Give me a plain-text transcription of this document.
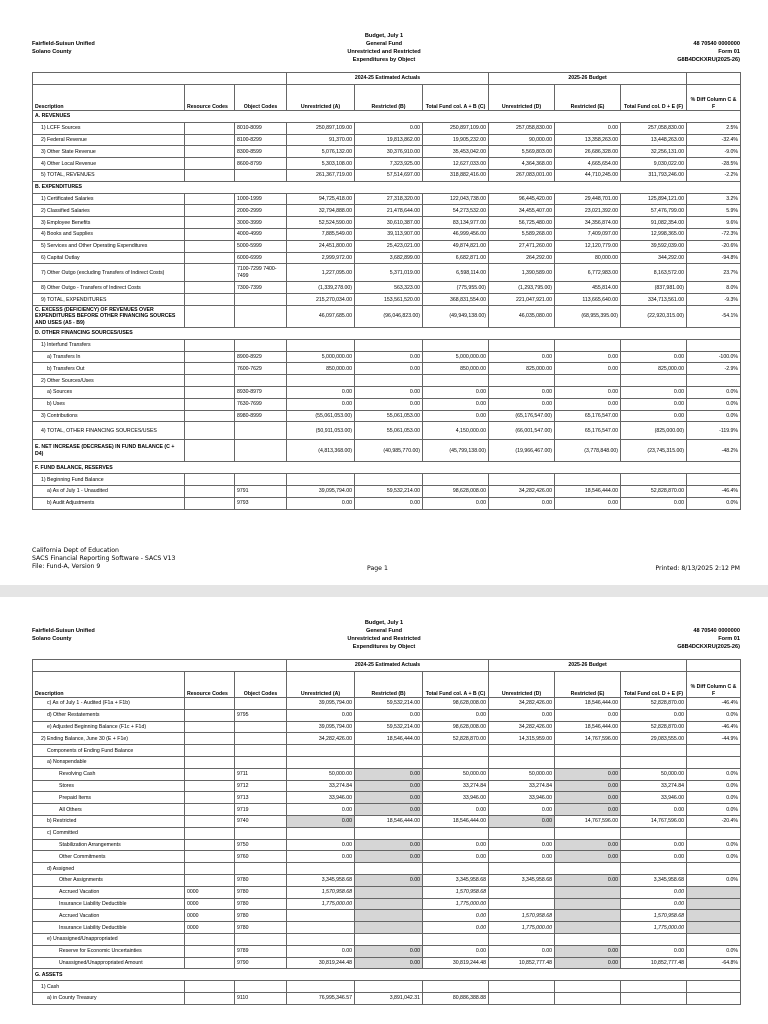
Fairfield-Suisun Unified
Solano County
Budget, July 1
General Fund
Unrestricted and Restricted
Expenditures by Object
48 70540 0000000
Form 01
G8B4DCKXRU(2025-26)
			2024-25 Estimated Actuals			2025-26 Budget			
Description	Resource Codes	Object Codes	Unrestricted (A)	Restricted (B)	Total Fund col. A + B (C)	Unrestricted (D)	Restricted (E)	Total Fund col. D + E (F)	% Diff Column C & F
A. REVENUES									
1) LCFF Sources		8010-8099	250,897,109.00	0.00	250,897,109.00	257,058,830.00	0.00	257,058,830.00	2.5%
2) Federal Revenue		8100-8299	91,370.00	19,813,862.00	19,905,232.00	90,000.00	13,358,263.00	13,448,263.00	-32.4%
3) Other State Revenue		8300-8599	5,076,132.00	30,376,910.00	35,453,042.00	5,569,803.00	26,686,328.00	32,256,131.00	-9.0%
4) Other Local Revenue		8600-8799	5,303,108.00	7,323,925.00	12,627,033.00	4,364,368.00	4,665,654.00	9,030,022.00	-28.5%
5) TOTAL, REVENUES			261,367,719.00	57,514,697.00	318,882,416.00	267,083,001.00	44,710,245.00	311,793,246.00	-2.2%
B. EXPENDITURES									
1) Certificated Salaries		1000-1999	94,725,418.00	27,318,320.00	122,043,738.00	96,445,420.00	29,448,701.00	125,894,121.00	3.2%
2) Classified Salaries		2000-2999	32,794,888.00	21,478,644.00	54,273,532.00	34,455,407.00	23,021,392.00	57,476,799.00	5.9%
3) Employee Benefits		3000-3999	52,524,590.00	30,610,387.00	83,134,977.00	56,725,480.00	34,356,874.00	91,082,354.00	9.6%
4) Books and Supplies		4000-4999	7,885,549.00	39,113,907.00	46,999,456.00	5,589,268.00	7,409,097.00	12,998,365.00	-72.3%
5) Services and Other Operating Expenditures		5000-5999	24,451,800.00	25,423,021.00	49,874,821.00	27,471,260.00	12,120,779.00	39,592,039.00	-20.6%
6) Capital Outlay		6000-6999	2,999,972.00	3,682,899.00	6,682,871.00	264,292.00	80,000.00	344,292.00	-94.8%
7) Other Outgo (excluding Transfers of Indirect Costs)		7100-7299 7400-7499	1,227,095.00	5,371,019.00	6,598,114.00	1,390,589.00	6,772,983.00	8,163,572.00	23.7%
8) Other Outgo - Transfers of Indirect Costs		7300-7399	(1,339,278.00)	563,323.00	(775,955.00)	(1,293,795.00)	455,814.00	(837,981.00)	8.0%
9) TOTAL, EXPENDITURES			215,270,034.00	153,561,520.00	368,831,554.00	221,047,921.00	113,665,640.00	334,713,561.00	-9.3%
C. EXCESS (DEFICIENCY) OF REVENUES OVER EXPENDITURES BEFORE OTHER FINANCING SOURCES AND USES (A5 - B9)			46,097,685.00	(96,046,823.00)	(49,949,138.00)	46,035,080.00	(68,955,395.00)	(22,920,315.00)	-54.1%
D. OTHER FINANCING SOURCES/USES									
1) Interfund Transfers									
a) Transfers In		8900-8929	5,000,000.00	0.00	5,000,000.00	0.00	0.00	0.00	-100.0%
b) Transfers Out		7600-7629	850,000.00	0.00	850,000.00	825,000.00	0.00	825,000.00	-2.9%
2) Other Sources/Uses									
a) Sources		8930-8979	0.00	0.00	0.00	0.00	0.00	0.00	0.0%
b) Uses		7630-7699	0.00	0.00	0.00	0.00	0.00	0.00	0.0%
3) Contributions		8980-8999	(55,061,053.00)	55,061,053.00	0.00	(65,176,547.00)	65,176,547.00	0.00	0.0%
4) TOTAL, OTHER FINANCING SOURCES/USES			(50,911,053.00)	55,061,053.00	4,150,000.00	(66,001,547.00)	65,176,547.00	(825,000.00)	-119.9%
E. NET INCREASE (DECREASE) IN FUND BALANCE (C + D4)			(4,813,368.00)	(40,985,770.00)	(45,799,138.00)	(19,966,467.00)	(3,778,848.00)	(23,745,315.00)	-48.2%
F. FUND BALANCE, RESERVES									
1) Beginning Fund Balance									
a) As of July 1 - Unaudited		9791	39,095,794.00	59,532,214.00	98,628,008.00	34,282,426.00	18,546,444.00	52,828,870.00	-46.4%
b) Audit Adjustments		9793	0.00	0.00	0.00	0.00	0.00	0.00	0.0%
California Dept of Education
SACS Financial Reporting Software - SACS V13
File: Fund-A, Version 9	Page 1	Printed: 8/13/2025 2:12 PM
Fairfield-Suisun Unified
Solano County
Budget, July 1
General Fund
Unrestricted and Restricted
Expenditures by Object
48 70540 0000000
Form 01
G8B4DCKXRU(2025-26)
			2024-25 Estimated Actuals			2025-26 Budget			
Description	Resource Codes	Object Codes	Unrestricted (A)	Restricted (B)	Total Fund col. A + B (C)	Unrestricted (D)	Restricted (E)	Total Fund col. D + E (F)	% Diff Column C & F
c) As of July 1 - Audited (F1a + F1b)			39,095,794.00	59,532,214.00	98,628,008.00	34,282,426.00	18,546,444.00	52,828,870.00	-46.4%
d) Other Restatements		9795	0.00	0.00	0.00	0.00	0.00	0.00	0.0%
e) Adjusted Beginning Balance (F1c + F1d)			39,095,794.00	59,532,214.00	98,628,008.00	34,282,426.00	18,546,444.00	52,828,870.00	-46.4%
2) Ending Balance, June 30 (E + F1e)			34,282,426.00	18,546,444.00	52,828,870.00	14,315,959.00	14,767,596.00	29,083,555.00	-44.9%
Components of Ending Fund Balance									
a) Nonspendable									
Revolving Cash		9711	50,000.00	0.00	50,000.00	50,000.00	0.00	50,000.00	0.0%
Stores		9712	33,274.84	0.00	33,274.84	33,274.84	0.00	33,274.84	0.0%
Prepaid Items		9713	33,946.00	0.00	33,946.00	33,946.00	0.00	33,946.00	0.0%
All Others		9719	0.00	0.00	0.00	0.00	0.00	0.00	0.0%
b) Restricted		9740	0.00	18,546,444.00	18,546,444.00	0.00	14,767,596.00	14,767,596.00	-20.4%
c) Committed									
Stabilization Arrangements		9750	0.00	0.00	0.00	0.00	0.00	0.00	0.0%
Other Commitments		9760	0.00	0.00	0.00	0.00	0.00	0.00	0.0%
d) Assigned									
Other Assignments		9780	3,345,958.68	0.00	3,345,958.68	3,345,958.68	0.00	3,345,958.68	0.0%
Accrued Vacation	0000	9780	1,570,958.68		1,570,958.68			0.00	
Insurance Liability Deductible	0000	9780	1,775,000.00		1,775,000.00			0.00	
Accrued Vacation	0000	9780			0.00	1,570,958.68		1,570,958.68	
Insurance Liability Deductible	0000	9780			0.00	1,775,000.00		1,775,000.00	
e) Unassigned/Unappropriated									
Reserve for Economic Uncertainties		9789	0.00	0.00	0.00	0.00	0.00	0.00	0.0%
Unassigned/Unappropriated Amount		9790	30,819,244.48	0.00	30,819,244.48	10,852,777.48	0.00	10,852,777.48	-64.8%
G. ASSETS									
1) Cash									
a) in County Treasury		9110	76,995,346.57	3,891,042.31	80,886,388.88				
